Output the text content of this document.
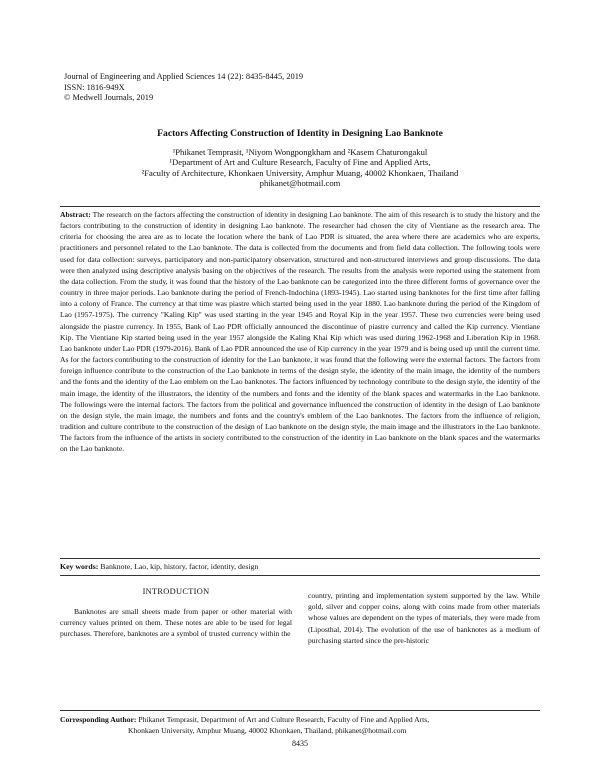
Journal of Engineering and Applied Sciences 14 (22): 8435-8445, 2019
ISSN: 1816-949X
© Medwell Journals, 2019
Factors Affecting Construction of Identity in Designing Lao Banknote
¹Phikanet Temprasit, ¹Niyom Wongpongkham and ²Kasem Chaturongakul
¹Department of Art and Culture Research, Faculty of Fine and Applied Arts,
²Faculty of Architecture, Khonkaen University, Amphur Muang, 40002 Khonkaen, Thailand
phikanet@hotmail.com
Abstract: The research on the factors affecting the construction of identity in designing Lao banknote. The aim of this research is to study the history and the factors contributing to the construction of identity in designing Lao banknote. The researcher had chosen the city of Vientiane as the research area. The criteria for choosing the area are as to locate the location where the bank of Lao PDR is situated, the area where there are academics who are experts, practitioners and personnel related to the Lao banknote. The data is collected from the documents and from field data collection. The following tools were used for data collection: surveys, participatory and non-participatory observation, structured and non-structured interviews and group discussions. The data were then analyzed using descriptive analysis basing on the objectives of the research. The results from the analysis were reported using the statement from the data collection. From the study, it was found that the history of the Lao banknote can be categorized into the three different forms of governance over the country in three major periods. Lao banknote during the period of French-Indochina (1893-1945). Lao started using banknotes for the first time after falling into a colony of France. The currency at that time was piastre which started being used in the year 1880. Lao banknote during the period of the Kingdom of Lao (1957-1975). The currency "Kaling Kip" was used starting in the year 1945 and Royal Kip in the year 1957. These two currencies were being used alongside the piastre currency. In 1955, Bank of Lao PDR officially announced the discontinue of piastre currency and called the Kip currency. Vientiane Kip. The Vientiane Kip started being used in the year 1957 alongside the Kaling Khai Kip which was used during 1962-1968 and Liberation Kip in 1968. Lao banknote under Lao PDR (1979-2016). Bank of Lao PDR announced the use of Kip currency in the year 1979 and is being used up until the current time. As for the factors contributing to the construction of identity for the Lao banknote, it was found that the following were the external factors. The factors from foreign influence contribute to the construction of the Lao banknote in terms of the design style, the identity of the main image, the identity of the numbers and the fonts and the identity of the Lao emblem on the Lao banknotes. The factors influenced by technology contribute to the design style, the identity of the main image, the identity of the illustrators, the identity of the numbers and fonts and the identity of the blank spaces and watermarks in the Lao banknote. The followings were the internal factors. The factors from the political and governance influenced the construction of identity in the design of Lao banknote on the design style, the main image, the numbers and fonts and the country's emblem of the Lao banknotes. The factors from the influence of religion, tradition and culture contribute to the construction of the design of Lao banknote on the design style, the main image and the illustrators in the Lao banknote. The factors from the influence of the artists in society contributed to the construction of the identity in Lao banknote on the blank spaces and the watermarks on the Lao banknote.
Key words: Banknote, Lao, kip, history, factor, identity, design
INTRODUCTION
Banknotes are small sheets made from paper or other material with currency values printed on them. These notes are able to be used for legal purchases. Therefore, banknotes are a symbol of trusted currency within the
country, printing and implementation system supported by the law. While gold, silver and copper coins, along with coins made from other materials whose values are dependent on the types of materials, they were made from (Liposthal, 2014). The evolution of the use of banknotes as a medium of purchasing started since the pre-historic
Corresponding Author: Phikanet Temprasit, Department of Art and Culture Research, Faculty of Fine and Applied Arts,
Khonkaen University, Amphur Muang, 40002 Khonkaen, Thailand, phikanet@hotmail.com
8435
